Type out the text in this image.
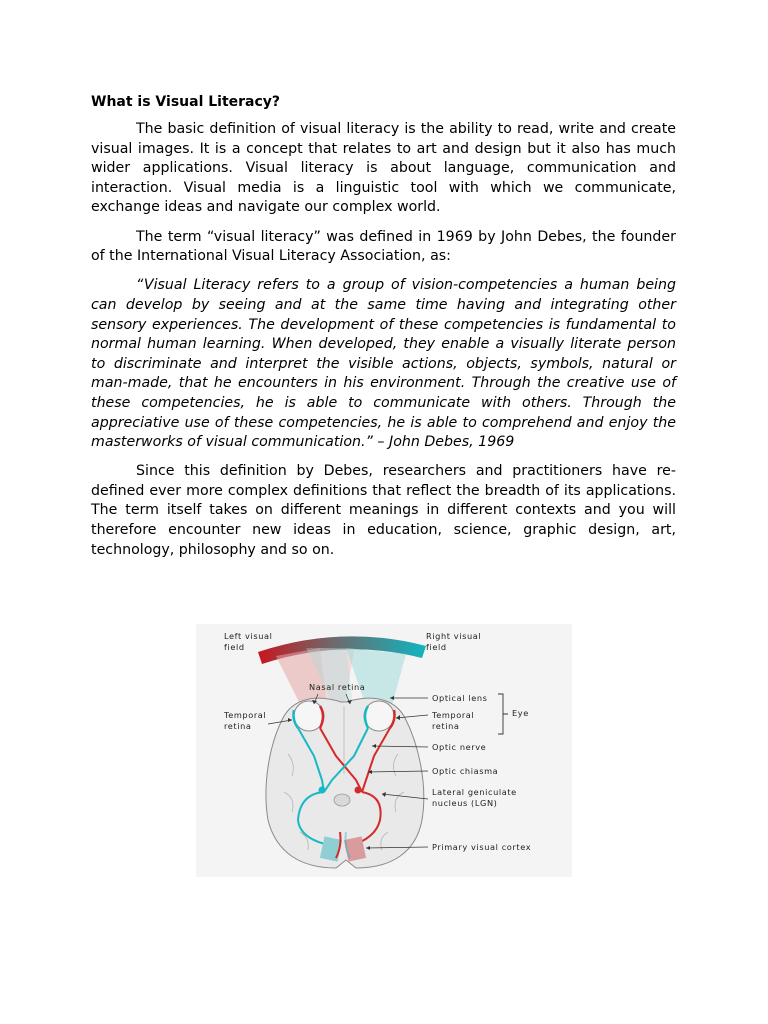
What is Visual Literacy?

The basic definition of visual literacy is the ability to read, write and create visual images. It is a concept that relates to art and design but it also has much wider applications. Visual literacy is about language, communication and interaction. Visual media is a linguistic tool with which we communicate, exchange ideas and navigate our complex world.

The term “visual literacy” was defined in 1969 by John Debes, the founder of the International Visual Literacy Association, as:

“Visual Literacy refers to a group of vision-competencies a human being can develop by seeing and at the same time having and integrating other sensory experiences. The development of these competencies is fundamental to normal human learning. When developed, they enable a visually literate person to discriminate and interpret the visible actions, objects, symbols, natural or man-made, that he encounters in his environment. Through the creative use of these competencies, he is able to communicate with others. Through the appreciative use of these competencies, he is able to comprehend and enjoy the masterworks of visual communication.” – John Debes, 1969

Since this definition by Debes, researchers and practitioners have re-defined ever more complex definitions that reflect the breadth of its applications. The term itself takes on different meanings in different contexts and you will therefore encounter new ideas in education, science, graphic design, art, technology, philosophy and so on.

Left visual
field
Right visual
field
Nasal retina
Temporal
retina
Optical lens
Temporal
retina
Eye
Optic nerve
Optic chiasma
Lateral geniculate
nucleus (LGN)
Primary visual cortex
